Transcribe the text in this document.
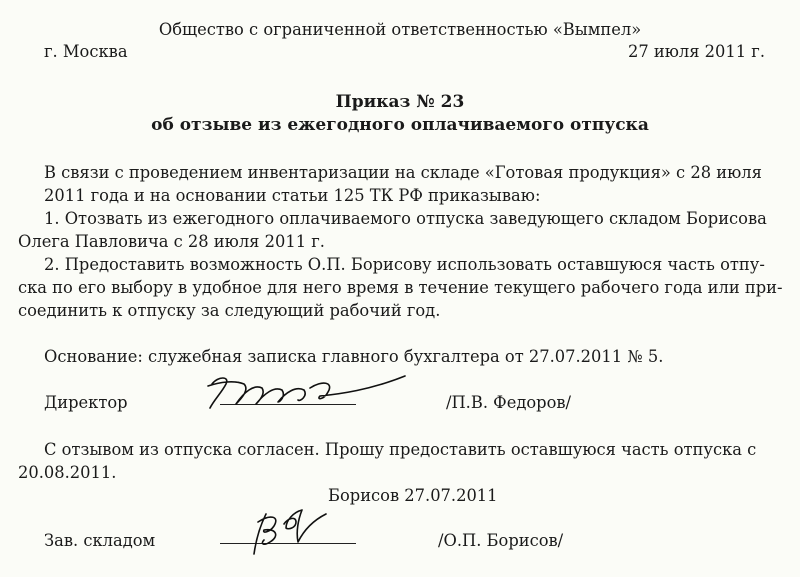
Общество с ограниченной ответственностью «Вымпел»
г. Москва	27 июля 2011 г.
Приказ № 23
об отзыве из ежегодного оплачиваемого отпуска
В связи с проведением инвентаризации на складе «Готовая продукция» с 28 июля
2011 года и на основании статьи 125 ТК РФ приказываю:
1. Отозвать из ежегодного оплачиваемого отпуска заведующего складом Борисова
Олега Павловича с 28 июля 2011 г.
2. Предоставить возможность О.П. Борисову использовать оставшуюся часть отпу-
ска по его выбору в удобное для него время в течение текущего рабочего года или при-
соединить к отпуску за следующий рабочий год.
Основание: служебная записка главного бухгалтера от 27.07.2011 № 5.
Директор	/П.В. Федоров/
С отзывом из отпуска согласен. Прошу предоставить оставшуюся часть отпуска с
20.08.2011.
Борисов 27.07.2011
Зав. складом	/О.П. Борисов/
